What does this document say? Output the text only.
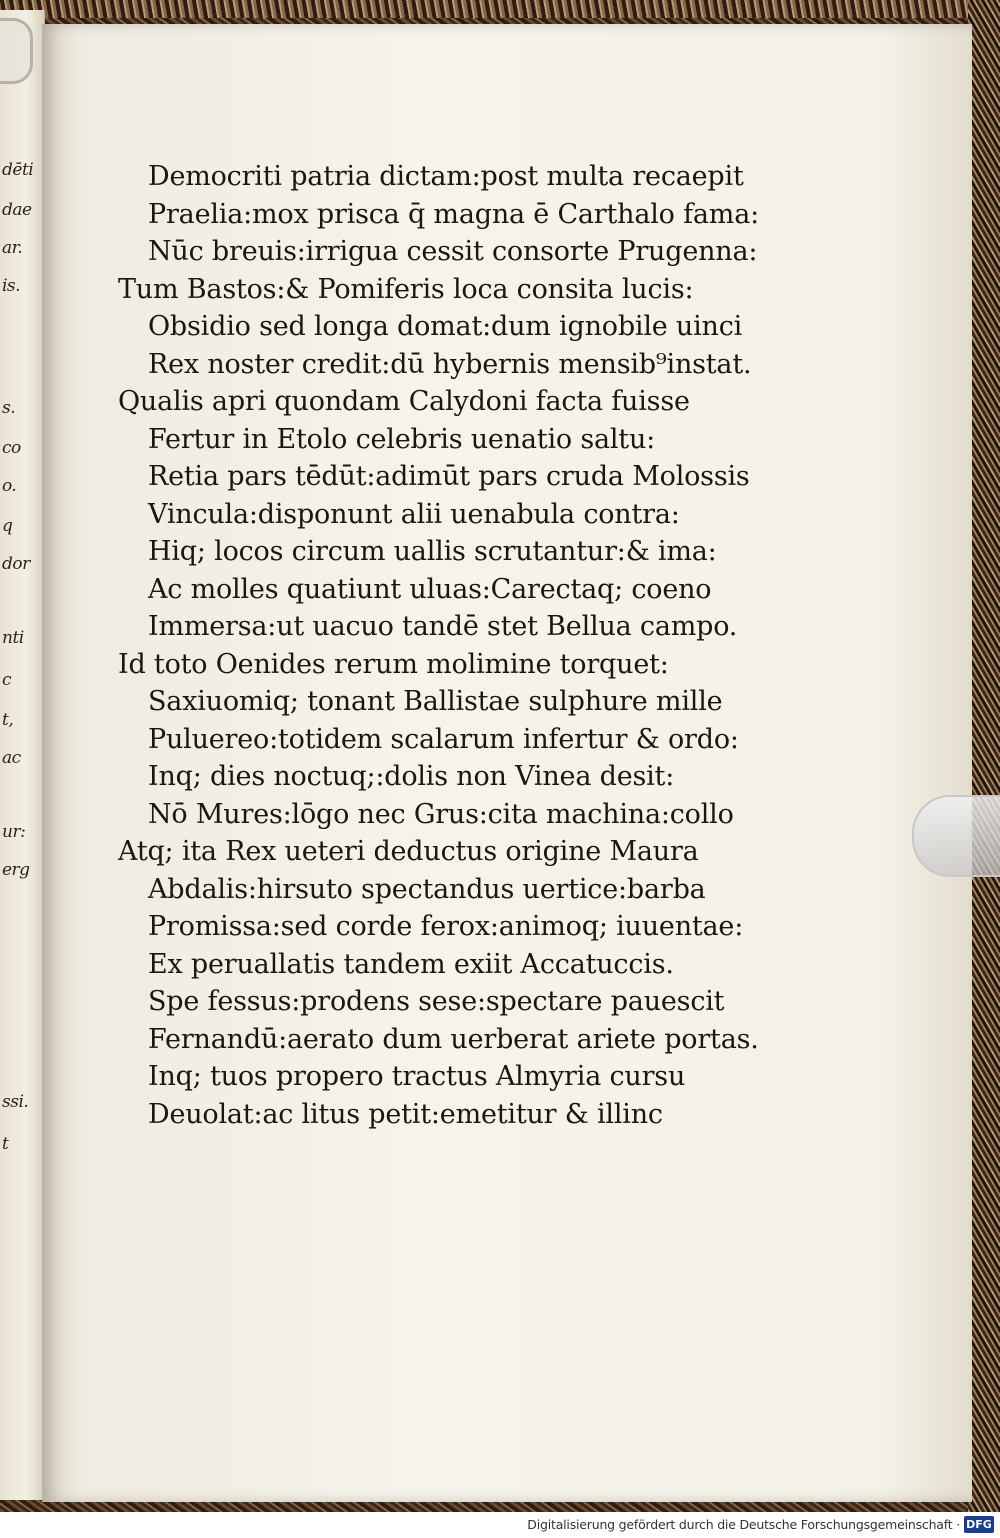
dēti
dae
ar.
is.
s.
co
o.
q
dor
nti
c
t,
ac
ur:
erg
ssi.
t
Democriti patria dictam:post multa recaepit
Praelia:mox prisca q̄ magna ē Carthalo fama:
Nūc breuis:irrigua cessit consorte Prugenna:
Tum Bastos:& Pomiferis loca consita lucis:
Obsidio sed longa domat:dum ignobile uinci
Rex noster credit:dū hybernis mensib⁹instat.
Qualis apri quondam Calydoni facta fuisse
Fertur in Etolo celebris uenatio saltu:
Retia pars tēdūt:adimūt pars cruda Molossis
Vincula:disponunt alii uenabula contra:
Hiq; locos circum uallis scrutantur:& ima:
Ac molles quatiunt uluas:Carectaq; coeno
Immersa:ut uacuo tandē stet Bellua campo.
Id toto Oenides rerum molimine torquet:
Saxiuomiq; tonant Ballistae sulphure mille
Puluereo:totidem scalarum infertur & ordo:
Inq; dies noctuq;:dolis non Vinea desit:
Nō Mures:lōgo nec Grus:cita machina:collo
Atq; ita Rex ueteri deductus origine Maura
Abdalis:hirsuto spectandus uertice:barba
Promissa:sed corde ferox:animoq; iuuentae:
Ex peruallatis tandem exiit Accatuccis.
Spe fessus:prodens sese:spectare pauescit
Fernandū:aerato dum uerberat ariete portas.
Inq; tuos propero tractus Almyria cursu
Deuolat:ac litus petit:emetitur & illinc
Digitalisierung gefördert durch die Deutsche Forschungsgemeinschaft · DFG
